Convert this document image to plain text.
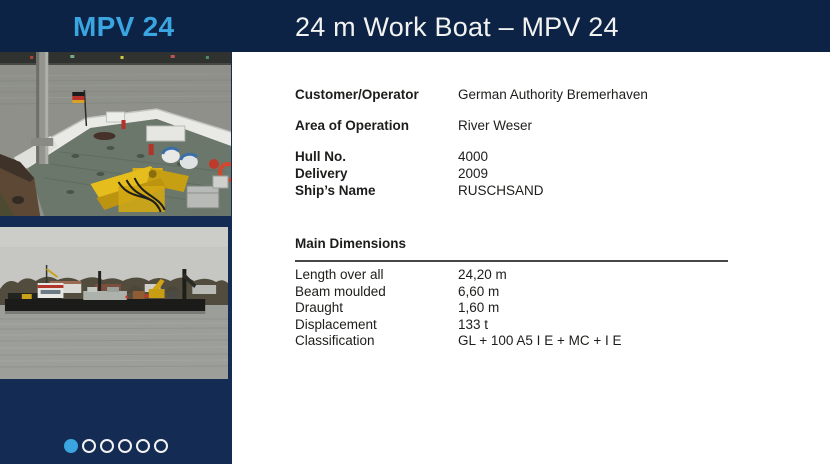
MPV 24	24 m Work Boat – MPV 24
Customer/Operator	German Authority Bremerhaven
Area of Operation	River Weser
Hull No.	4000
Delivery	2009
Ship’s Name	RUSCHSAND
Main Dimensions
Length over all	24,20 m
Beam moulded	6,60 m
Draught	1,60 m
Displacement	133 t
Classification	GL + 100 A5 I E + MC + I E
